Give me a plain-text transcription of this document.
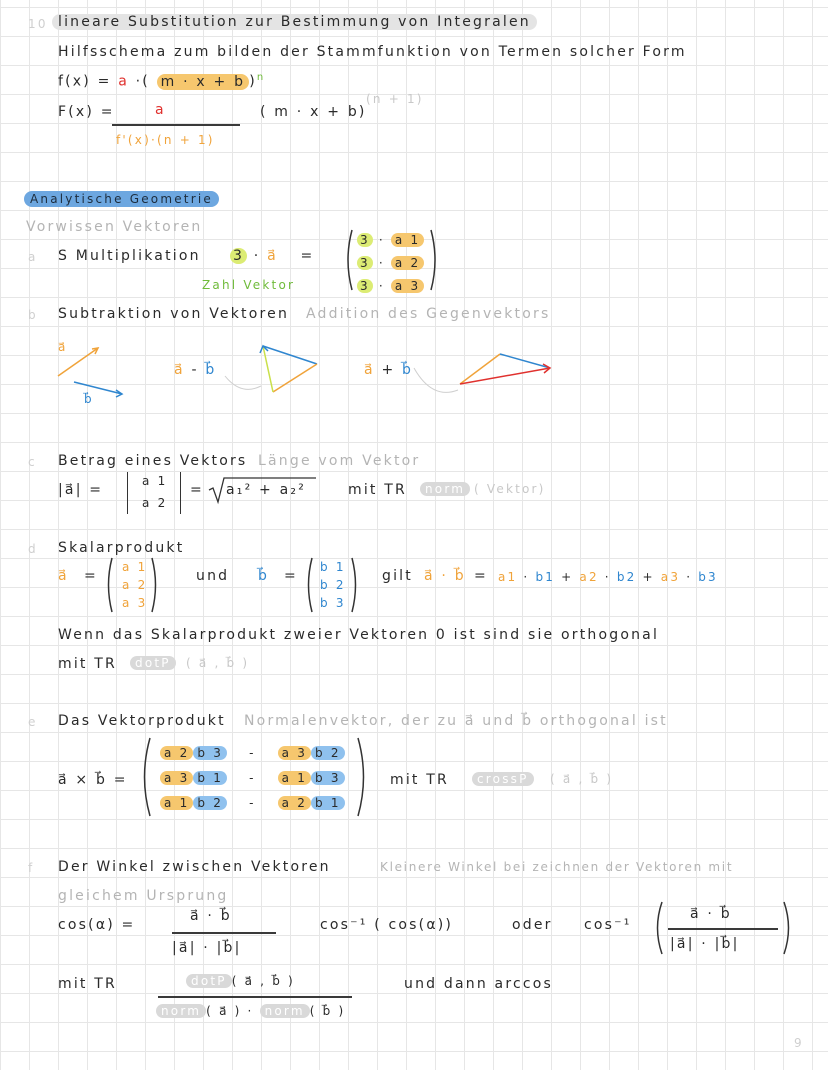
10 lineare Substitution zur Bestimmung von Integralen
Hilfsschema zum bilden der Stammfunktion von Termen solcher Form
f(x) = a ·( m · x + b )$^n$
F(x) =	a
f'(x)·(n + 1)
( m · x + b)
(n + 1)
Analytische Geometrie
Vorwissen Vektoren
a S Multiplikation 3 · a⃗ =
Zahl Vektor
3 · a 1
3 · a 2
3 · a 3
b Subtraktion von Vektoren Addition des Gegenvektors
a⃗
b⃗
a⃗ - b⃗	a⃗ + b⃗
c Betrag eines Vektors Länge vom Vektor
|a⃗| =
a 1
a 2
= a₁² + a₂²	mit TR	norm ( Vektor)
d Skalarprodukt
a⃗ =
a 1
a 2
a 3
und b⃗ =
b 1
b 2
b 3
gilt a⃗ · b⃗ = a1 · b1 + a2 · b2 + a3 · b3
Wenn das Skalarprodukt zweier Vektoren 0 ist sind sie orthogonal
mit TR	dotP	( a⃗ , b⃗ )
e Das Vektorprodukt Normalenvektor, der zu a⃗ und b⃗ orthogonal ist
a⃗ × b⃗ =
a 2 b 3 - a 3 b 2
a 3 b 1 - a 1 b 3
a 1 b 2 - a 2 b 1
mit TR	crossP	( a⃗ , b⃗ )
f Der Winkel zwischen Vektoren	Kleinere Winkel bei zeichnen der Vektoren mit
gleichem Ursprung
cos(α) =
a⃗ · b⃗
|a⃗| · |b⃗|
cos⁻¹ ( cos(α))	oder cos⁻¹
a⃗ · b⃗
|a⃗| · |b⃗|
mit TR	dotP ( a⃗ , b⃗ )
norm ( a⃗ ) · norm ( b⃗ )
und dann arccos
9
